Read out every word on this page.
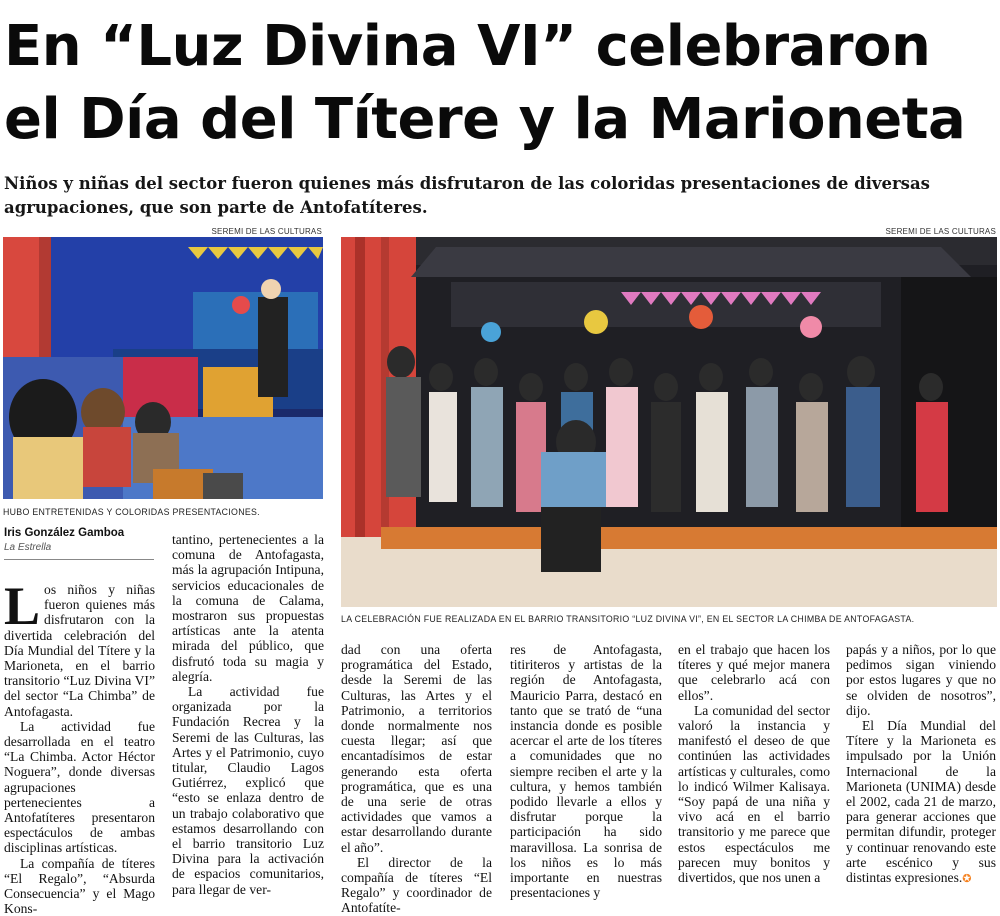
En “Luz Divina VI” celebraron el Día del Títere y la Marioneta

Niños y niñas del sector fueron quienes más disfrutaron de las coloridas presentaciones de diversas agrupaciones, que son parte de Antofatíteres.

SEREMI DE LAS CULTURAS
HUBO ENTRETENIDAS Y COLORIDAS PRESENTACIONES.
SEREMI DE LAS CULTURAS
LA CELEBRACIÓN FUE REALIZADA EN EL BARRIO TRANSITORIO “LUZ DIVINA VI”, EN EL SECTOR LA CHIMBA DE ANTOFAGASTA.
Iris González Gamboa
La Estrella

Los niños y niñas fueron quienes más disfrutaron con la divertida celebración del Día Mundial del Títere y la Marioneta, en el barrio transitorio “Luz Divina VI” del sector “La Chimba” de Antofagasta.

La actividad fue desarrollada en el teatro “La Chimba. Actor Héctor Noguera”, donde diversas agrupaciones pertenecientes a Antofatíteres presentaron espectáculos de ambas disciplinas artísticas.

La compañía de títeres “El Regalo”, “Absurda Consecuencia” y el Mago Kons-

tantino, pertenecientes a la comuna de Antofagasta, más la agrupación Intipuna, servicios educacionales de la comuna de Calama, mostraron sus propuestas artísticas ante la atenta mirada del público, que disfrutó toda su magia y alegría.

La actividad fue organizada por la Fundación Recrea y la Seremi de las Culturas, las Artes y el Patrimonio, cuyo titular, Claudio Lagos Gutiérrez, explicó que “esto se enlaza dentro de un trabajo colaborativo que estamos desarrollando con el barrio transitorio Luz Divina para la activación de espacios comunitarios, para llegar de ver-

dad con una oferta programática del Estado, desde la Seremi de las Culturas, las Artes y el Patrimonio, a territorios donde normalmente nos cuesta llegar; así que encantadísimos de estar generando esta oferta programática, que es una de una serie de otras actividades que vamos a estar desarrollando durante el año”.

El director de la compañía de títeres “El Regalo” y coordinador de Antofatíte-

res de Antofagasta, titiriteros y artistas de la región de Antofagasta, Mauricio Parra, destacó en tanto que se trató de “una instancia donde es posible acercar el arte de los títeres a comunidades que no siempre reciben el arte y la cultura, y hemos también podido llevarle a ellos y disfrutar porque la participación ha sido maravillosa. La sonrisa de los niños es lo más importante en nuestras presentaciones y

en el trabajo que hacen los títeres y qué mejor manera que celebrarlo acá con ellos”.

La comunidad del sector valoró la instancia y manifestó el deseo de que continúen las actividades artísticas y culturales, como lo indicó Wilmer Kalisaya. “Soy papá de una niña y vivo acá en el barrio transitorio y me parece que estos espectáculos me parecen muy bonitos y divertidos, que nos unen a

papás y a niños, por lo que pedimos sigan viniendo por estos lugares y que no se olviden de nosotros”, dijo.

El Día Mundial del Títere y la Marioneta es impulsado por la Unión Internacional de la Marioneta (UNIMA) desde el 2002, cada 21 de marzo, para generar acciones que permitan difundir, proteger y continuar renovando este arte escénico y sus distintas expresiones.✪
